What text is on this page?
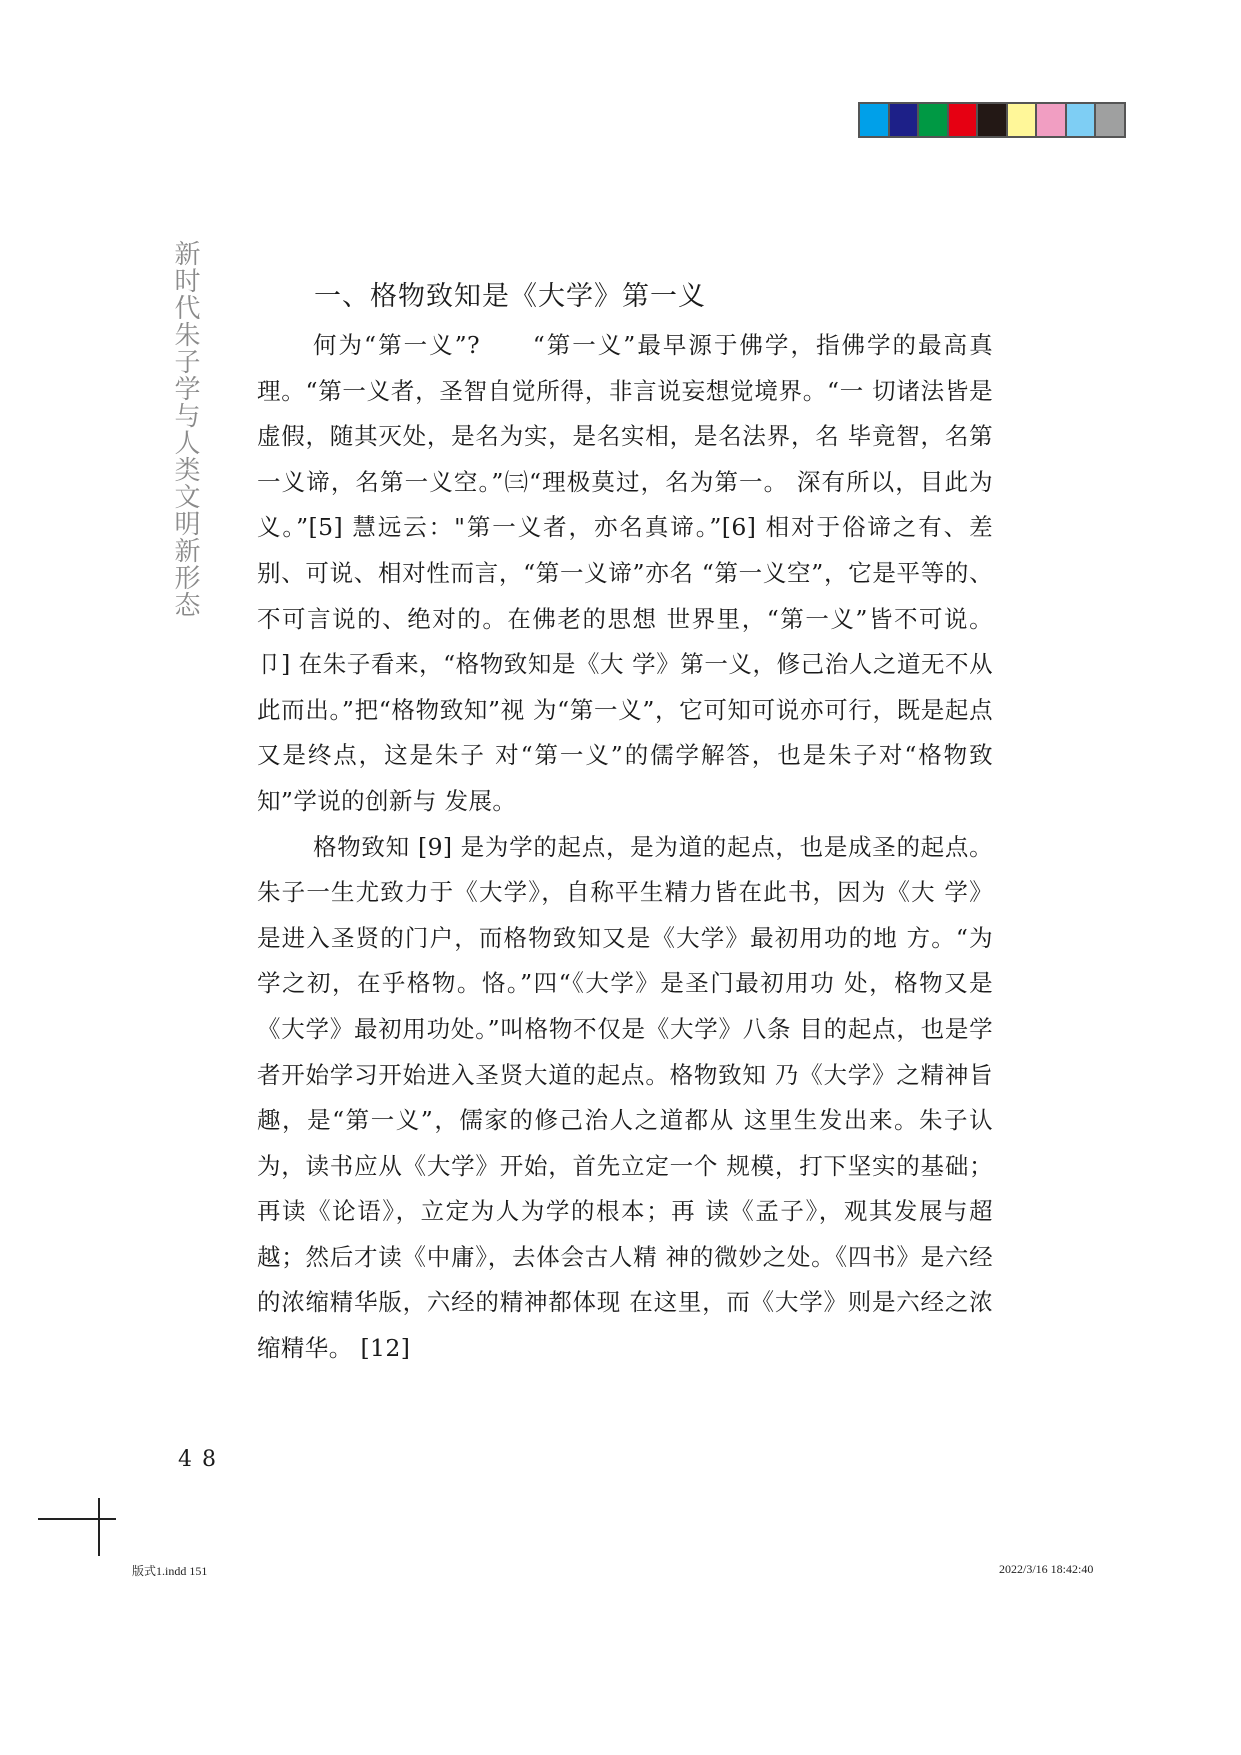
新时代朱子学与人类文明新形态	一、格物致知是《大学》第一义

何为“第一义”?　　“第一义”最早源于佛学，指佛学的最高真理。“第一义者，圣智自觉所得，非言说妄想觉境界。“一 切诸法皆是虚假，随其灭处，是名为实，是名实相，是名法界，名 毕竟智，名第一义谛，名第一义空。”㈢“理极莫过，名为第一。 深有所以，目此为义。”[5] 慧远云："第一义者，亦名真谛。”[6] 相对于俗谛之有、差别、可说、相对性而言，“第一义谛”亦名 “第一义空”，它是平等的、不可言说的、绝对的。在佛老的思想 世界里，“第一义”皆不可说。 卩] 在朱子看来，“格物致知是《大 学》第一义，修己治人之道无不从此而出。”把“格物致知”视 为“第一义”，它可知可说亦可行，既是起点又是终点，这是朱子 对“第一义”的儒学解答，也是朱子对“格物致知”学说的创新与 发展。

格物致知 [9] 是为学的起点，是为道的起点，也是成圣的起点。朱子一生尤致力于《大学》，自称平生精力皆在此书，因为《大 学》是进入圣贤的门户，而格物致知又是《大学》最初用功的地 方。“为学之初，在乎格物。恪。”四“《大学》是圣门最初用功 处，格物又是《大学》最初用功处。”叫格物不仅是《大学》八条 目的起点，也是学者开始学习开始进入圣贤大道的起点。格物致知 乃《大学》之精神旨趣，是“第一义”，儒家的修己治人之道都从 这里生发出来。朱子认为，读书应从《大学》开始，首先立定一个 规模，打下坚实的基础；再读《论语》，立定为人为学的根本；再 读《孟子》，观其发展与超越；然后才读《中庸》，去体会古人精 神的微妙之处。《四书》是六经的浓缩精华版，六经的精神都体现 在这里，而《大学》则是六经之浓缩精华。 [12]

48
版式1.indd 151	2022/3/16 18:42:40
